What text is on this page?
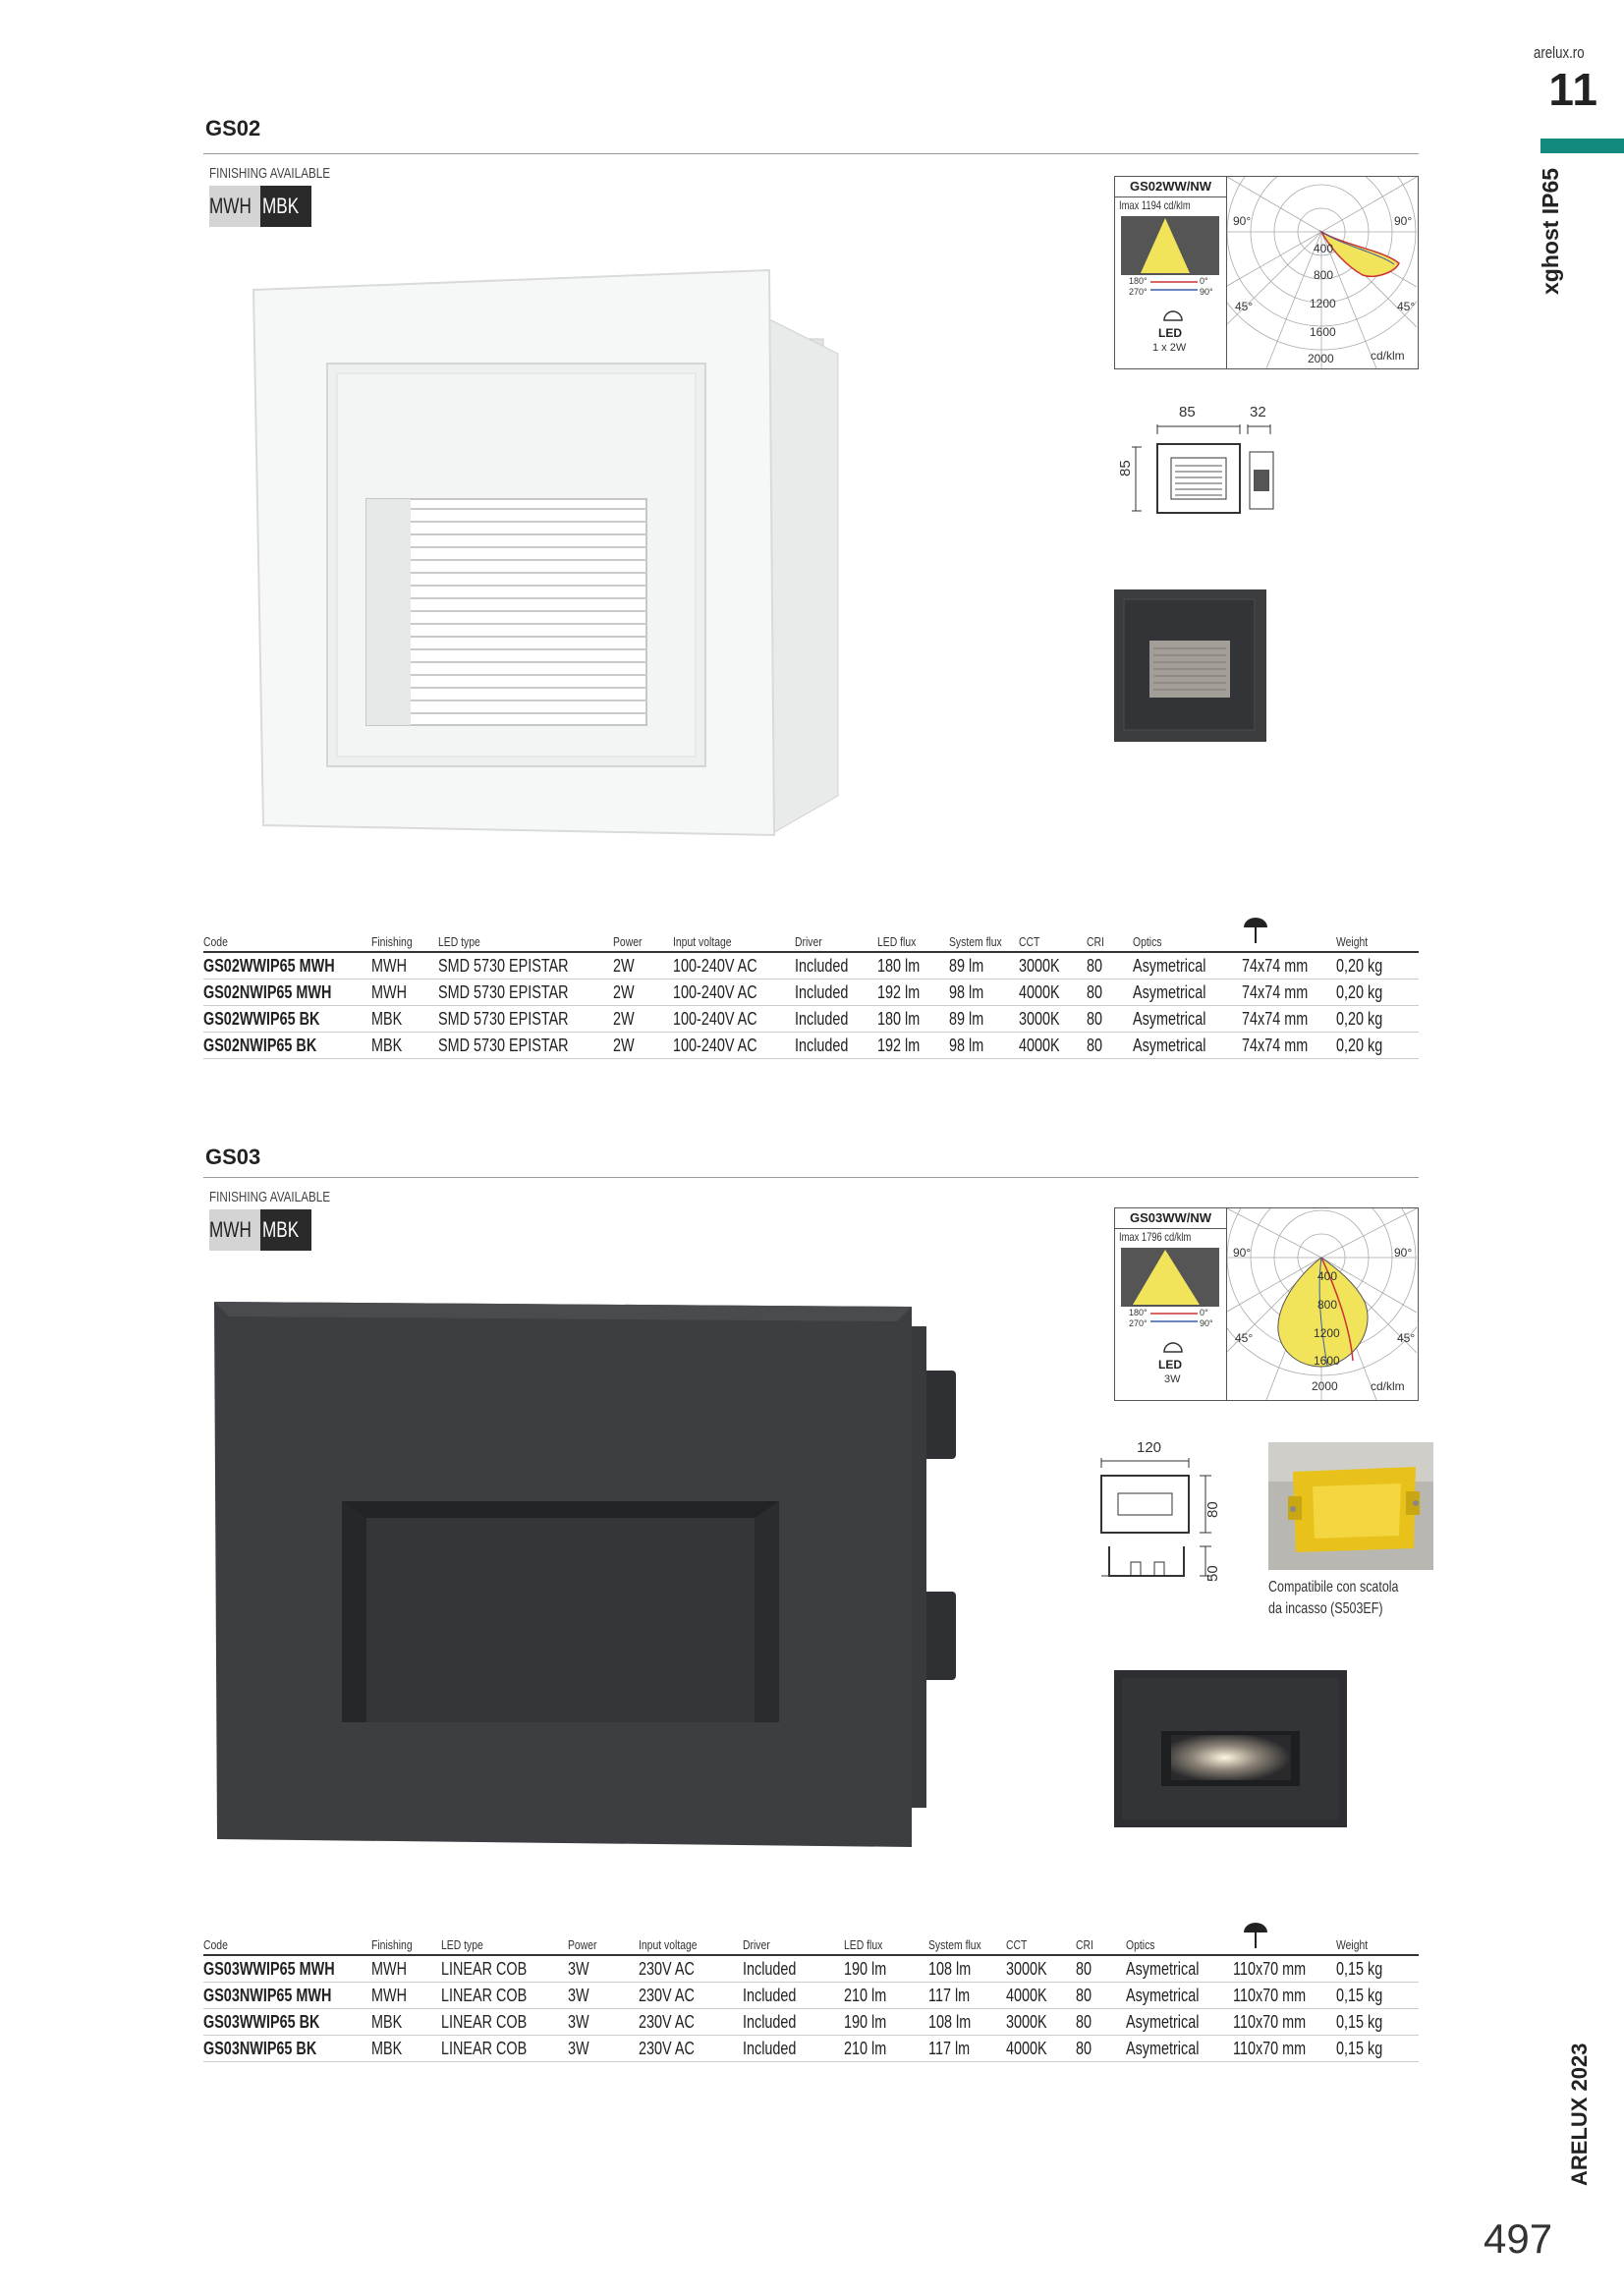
arelux.ro
11
xghost IP65
ARELUX 2023
497
GS02
FINISHING AVAILABLE
MWH MBK
GS02WW/NW
Imax 1194 cd/klm
180°	0°
270°	90°
LED
1 x 2W
90°	90°
45°	45°
400
800
1200
1600
2000	cd/klm
85	32
85
Code	Finishing	LED type	Power	Input voltage	Driver	LED flux	System flux	CCT	CRI	Optics		Weight
GS02WWIP65 MWH	MWH	SMD 5730 EPISTAR	2W	100-240V AC	Included	180 lm	89 lm	3000K	80	Asymetrical	74x74 mm	0,20 kg
GS02NWIP65 MWH	MWH	SMD 5730 EPISTAR	2W	100-240V AC	Included	192 lm	98 lm	4000K	80	Asymetrical	74x74 mm	0,20 kg
GS02WWIP65 BK	MBK	SMD 5730 EPISTAR	2W	100-240V AC	Included	180 lm	89 lm	3000K	80	Asymetrical	74x74 mm	0,20 kg
GS02NWIP65 BK	MBK	SMD 5730 EPISTAR	2W	100-240V AC	Included	192 lm	98 lm	4000K	80	Asymetrical	74x74 mm	0,20 kg
GS03
FINISHING AVAILABLE
MWH MBK	GS03WW/NW
Imax 1796 cd/klm
180°	0°
270°	90°
LED
3W
90°	90°
45°	45°
400
800
1200
1600
2000	cd/klm
120
80
50
Compatibile con scatola
da incasso (S503EF)
Code	Finishing	LED type	Power	Input voltage	Driver	LED flux	System flux	CCT	CRI	Optics		Weight
GS03WWIP65 MWH	MWH	LINEAR COB	3W	230V AC	Included	190 lm	108 lm	3000K	80	Asymetrical	110x70 mm	0,15 kg
GS03NWIP65 MWH	MWH	LINEAR COB	3W	230V AC	Included	210 lm	117 lm	4000K	80	Asymetrical	110x70 mm	0,15 kg
GS03WWIP65 BK	MBK	LINEAR COB	3W	230V AC	Included	190 lm	108 lm	3000K	80	Asymetrical	110x70 mm	0,15 kg
GS03NWIP65 BK	MBK	LINEAR COB	3W	230V AC	Included	210 lm	117 lm	4000K	80	Asymetrical	110x70 mm	0,15 kg
